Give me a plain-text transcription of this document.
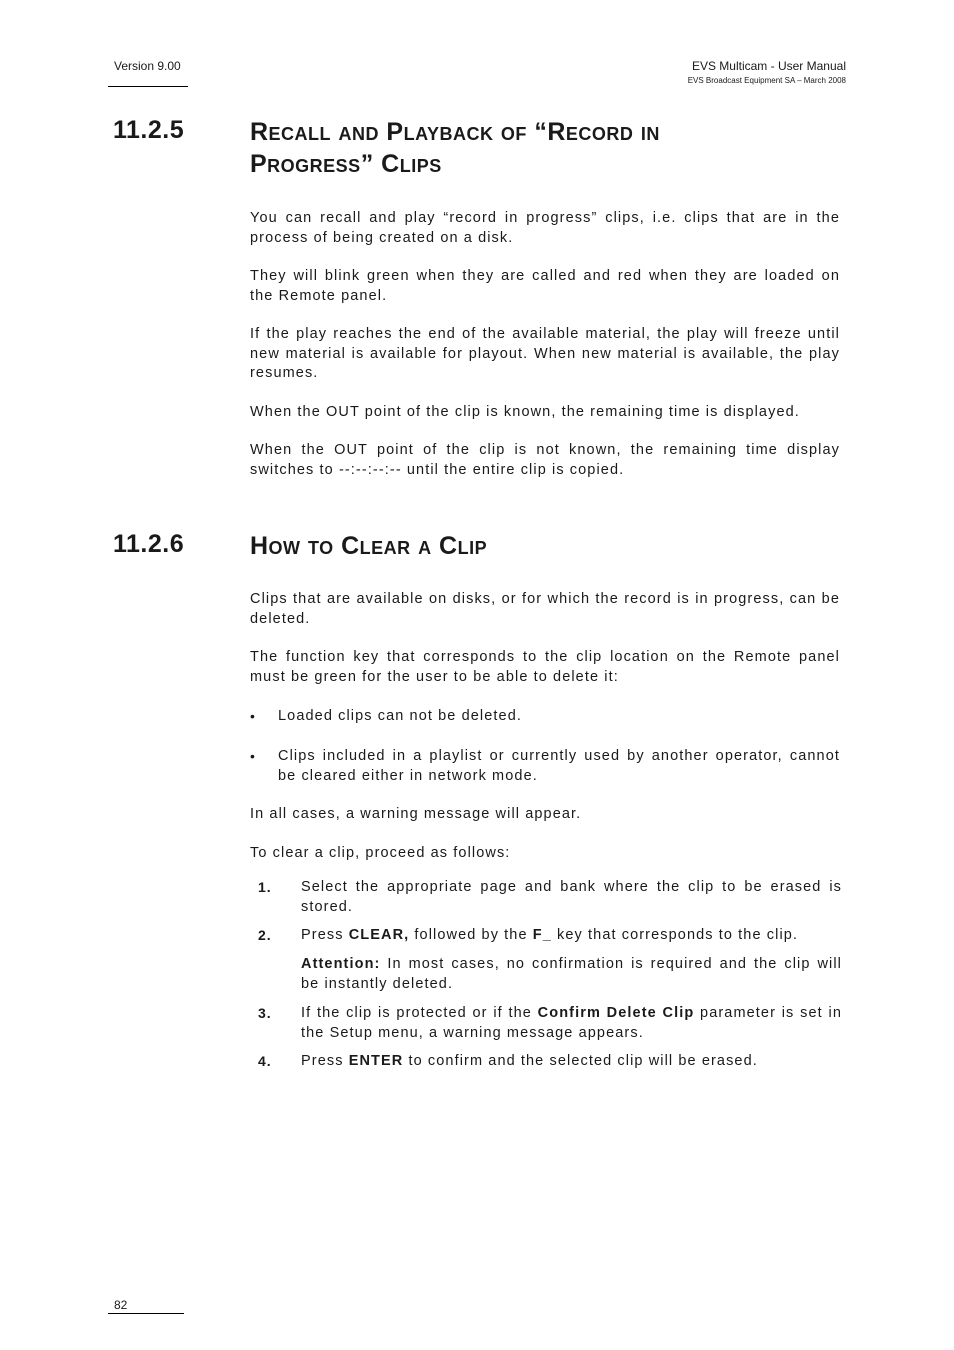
Version 9.00	EVS Multicam - User Manual
EVS Broadcast Equipment SA – March 2008
11.2.5	Recall and Playback of “Record in
Progress” Clips
You can recall and play “record in progress” clips, i.e. clips that are in the process of being created on a disk.
They will blink green when they are called and red when they are loaded on the Remote panel.
If the play reaches the end of the available material, the play will freeze until new material is available for playout. When new material is available, the play resumes.
When the OUT point of the clip is known, the remaining time is displayed.
When the OUT point of the clip is not known, the remaining time display switches to --:--:--:-- until the entire clip is copied.
11.2.6	How to Clear a Clip
Clips that are available on disks, or for which the record is in progress, can be deleted.
The function key that corresponds to the clip location on the Remote panel must be green for the user to be able to delete it:
• Loaded clips can not be deleted.
• Clips included in a playlist or currently used by another operator, cannot be cleared either in network mode.
In all cases, a warning message will appear.
To clear a clip, proceed as follows:
1. Select the appropriate page and bank where the clip to be erased is stored.
2. Press CLEAR, followed by the F_ key that corresponds to the clip.
Attention: In most cases, no confirmation is required and the clip will be instantly deleted.
3. If the clip is protected or if the Confirm Delete Clip parameter is set in the Setup menu, a warning message appears.
4. Press ENTER to confirm and the selected clip will be erased.
82
